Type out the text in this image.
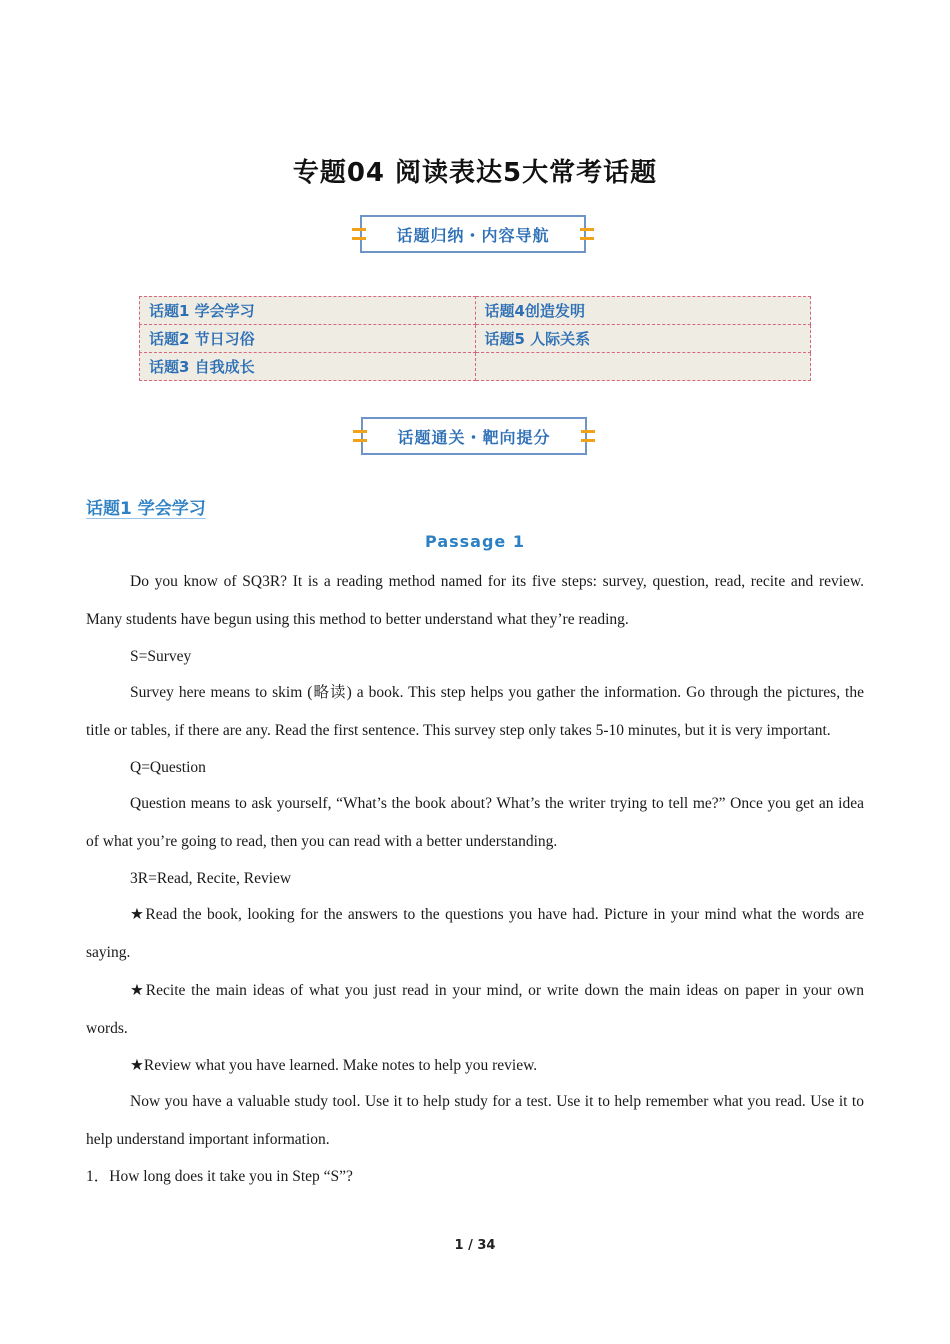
专题04 阅读表达5大常考话题
话题归纳・内容导航
话题1 学会学习	话题4创造发明
话题2 节日习俗	话题5 人际关系
话题3 自我成长	
话题通关・靶向提分
话题1 学会学习
Passage 1

Do you know of SQ3R? It is a reading method named for its five steps: survey, question, read, recite and review. Many students have begun using this method to better understand what they’re reading.

S=Survey

Survey here means to skim (略读) a book. This step helps you gather the information. Go through the pictures, the title or tables, if there are any. Read the first sentence. This survey step only takes 5-10 minutes, but it is very important.

Q=Question

Question means to ask yourself, “What’s the book about? What’s the writer trying to tell me?” Once you get an idea of what you’re going to read, then you can read with a better understanding.

3R=Read, Recite, Review

★Read the book, looking for the answers to the questions you have had. Picture in your mind what the words are saying.

★Recite the main ideas of what you just read in your mind, or write down the main ideas on paper in your own words.

★Review what you have learned. Make notes to help you review.

Now you have a valuable study tool. Use it to help study for a test. Use it to help remember what you read. Use it to help understand important information.

1．How long does it take you in Step “S”?

1 / 34
